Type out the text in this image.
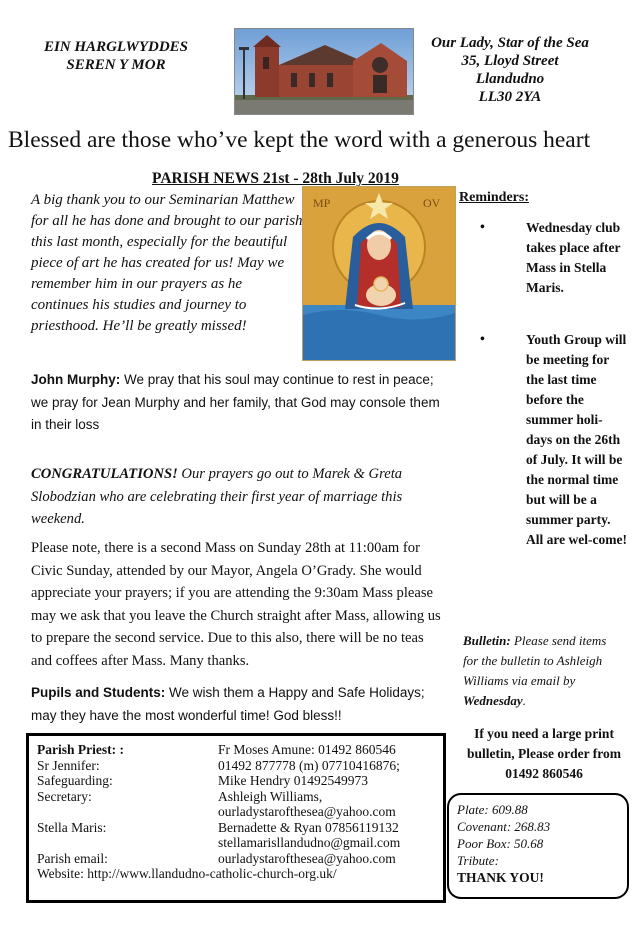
EIN HARGLWYDDES
SEREN Y MOR
Our Lady, Star of the Sea
35, Lloyd Street
Llandudno
LL30 2YA
Blessed are those who’ve kept the word with a generous heart
PARISH NEWS 21st - 28th July 2019
A big thank you to our Seminarian Matthew for all he has done and brought to our parish this last month, especially for the beautiful piece of art he has created for us! May we remember him in our prayers as he continues his studies and journey to priesthood. He’ll be greatly missed!
MP	OV
John Murphy: We pray that his soul may continue to rest in peace; we pray for Jean Murphy and her family, that God may console them in their loss
CONGRATULATIONS! Our prayers go out to Marek & Greta Slobodzian who are celebrating their first year of marriage this weekend.
Please note, there is a second Mass on Sunday 28th at 11:00am for Civic Sunday, attended by our Mayor, Angela O’Grady. She would appreciate your prayers; if you are attending the 9:30am Mass please may we ask that you leave the Church straight after Mass, allowing us to prepare the second service. Due to this also, there will be no teas and coffees after Mass. Many thanks.
Pupils and Students: We wish them a Happy and Safe Holidays; may they have the most wonderful time! God bless!!
Reminders:
•	Wednesday club takes place after Mass in Stella Maris.
•	Youth Group will be meeting for the last time before the summer holi-days on the 26th of July. It will be the normal time but will be a summer party. All are wel-come!
Bulletin: Please send items for the bulletin to Ashleigh Williams via email by Wednesday.
If you need a large print bulletin, Please order from 01492 860546
Plate: 609.88
Covenant: 268.83
Poor Box: 50.68
Tribute:
THANK YOU!
Parish Priest: :	Fr Moses Amune: 01492 860546
Sr Jennifer:	01492 877778 (m) 07710416876;
Safeguarding:	Mike Hendry 01492549973
Secretary:	Ashleigh Williams,
ourladystarofthesea@yahoo.com
Stella Maris:	Bernadette & Ryan 07856119132
stellamarisllandudno@gmail.com
Parish email:	ourladystarofthesea@yahoo.com
Website: http://www.llandudno-catholic-church-org.uk/
